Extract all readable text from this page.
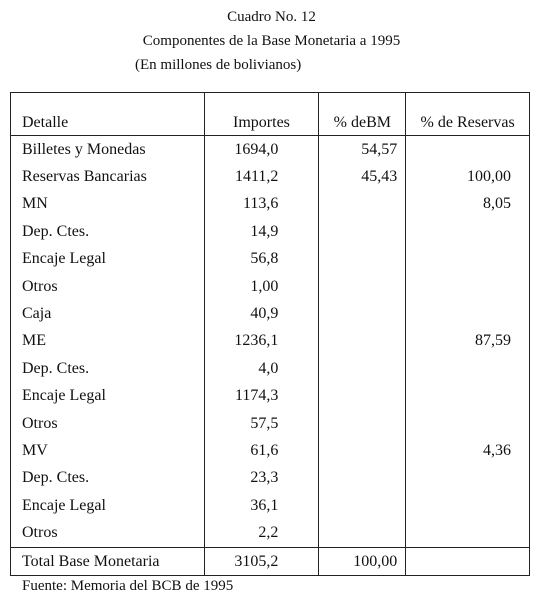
Cuadro No. 12
Componentes de la Base Monetaria a 1995
(En millones de bolivianos)
Detalle	Importes	% deBM	% de Reservas
Billetes y Monedas	1694,0	54,57	
Reservas Bancarias	1411,2	45,43	100,00
MN	113,6		8,05
Dep. Ctes.	14,9		
Encaje Legal	56,8		
Otros	1,00		
Caja	40,9		
ME	1236,1		87,59
Dep. Ctes.	4,0		
Encaje Legal	1174,3		
Otros	57,5		
MV	61,6		4,36
Dep. Ctes.	23,3		
Encaje Legal	36,1		
Otros	2,2		
Total Base Monetaria	3105,2	100,00	
Fuente: Memoria del BCB de 1995
